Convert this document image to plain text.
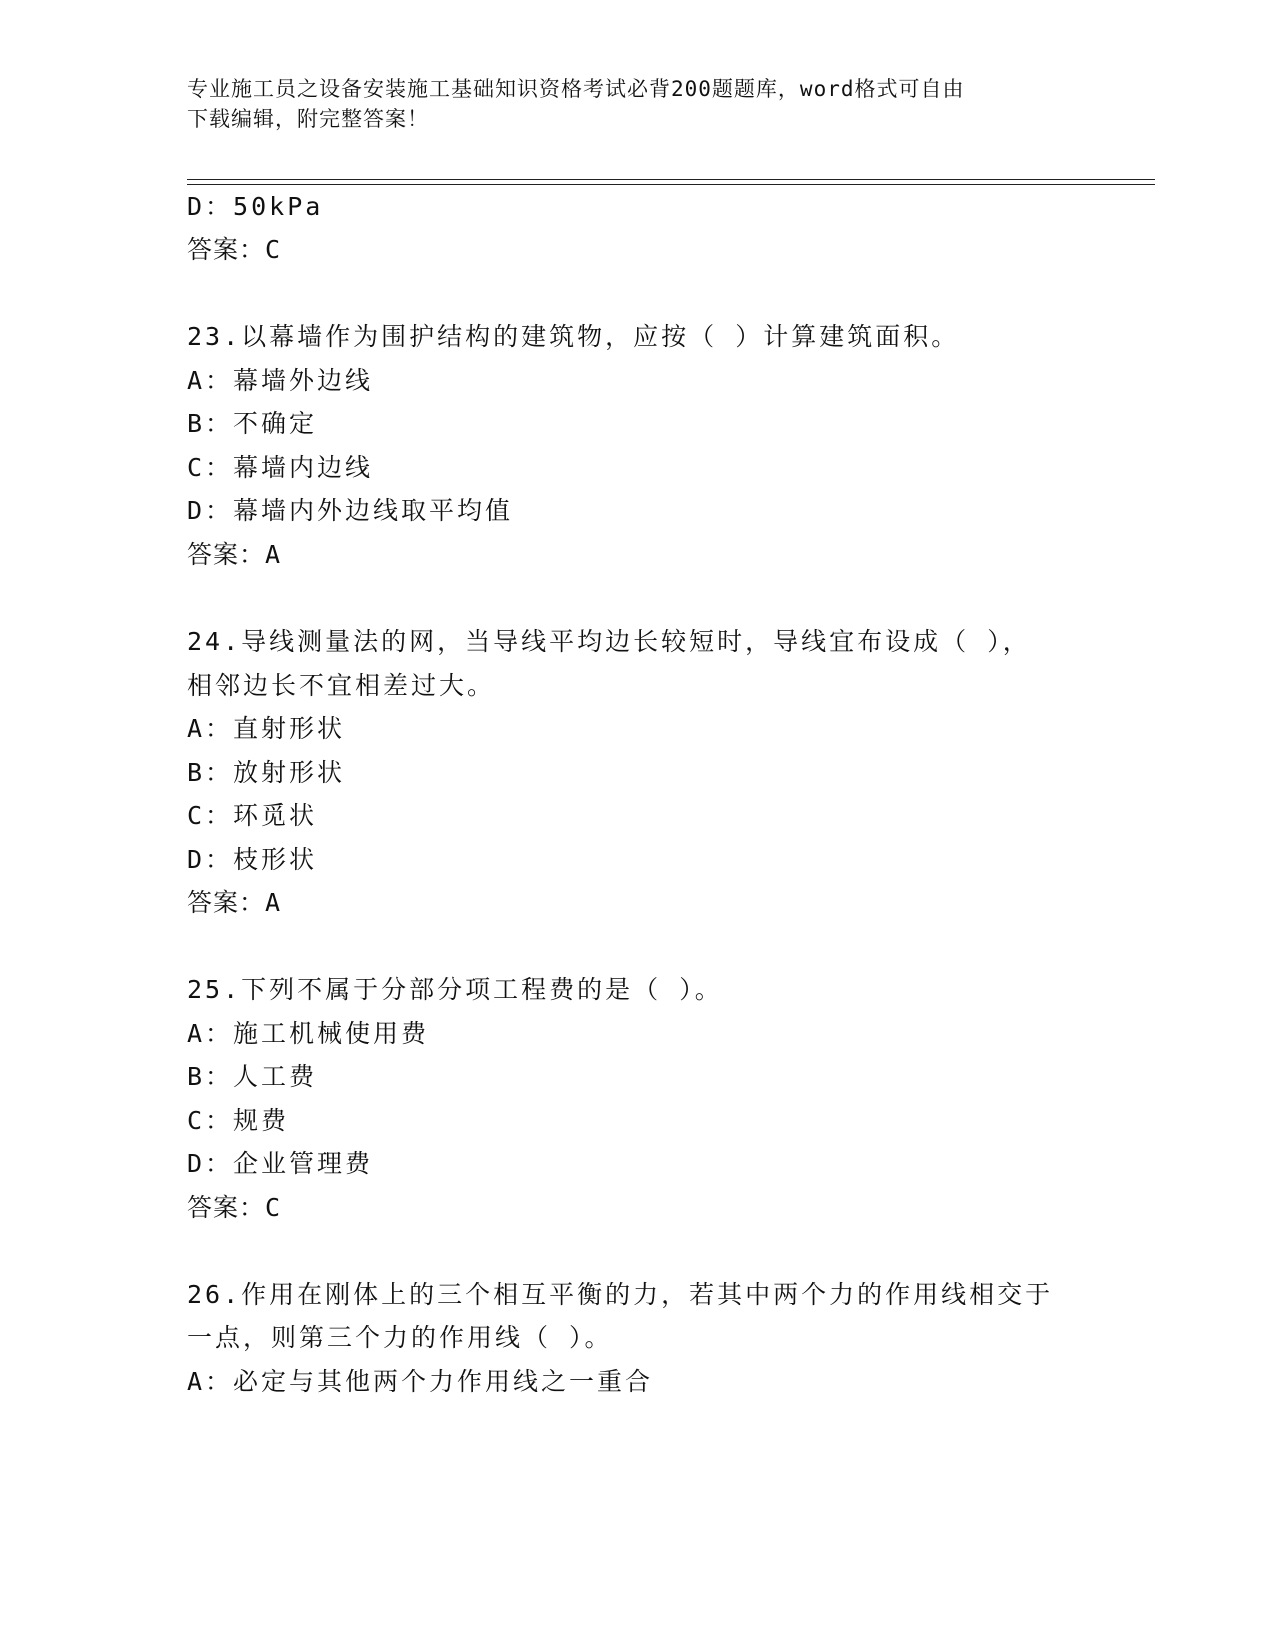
专业施工员之设备安装施工基础知识资格考试必背200题题库，word格式可自由
下载编辑，附完整答案！
D：50kPa
答案：C
23.以幕墙作为围护结构的建筑物，应按（ ）计算建筑面积。
A：幕墙外边线
B：不确定
C：幕墙内边线
D：幕墙内外边线取平均值
答案：A
24.导线测量法的网，当导线平均边长较短时，导线宜布设成（ ），
相邻边长不宜相差过大。
A：直射形状
B：放射形状
C：环觅状
D：枝形状
答案：A
25.下列不属于分部分项工程费的是（ ）。
A：施工机械使用费
B：人工费
C：规费
D：企业管理费
答案：C
26.作用在刚体上的三个相互平衡的力，若其中两个力的作用线相交于
一点，则第三个力的作用线（ ）。
A：必定与其他两个力作用线之一重合
